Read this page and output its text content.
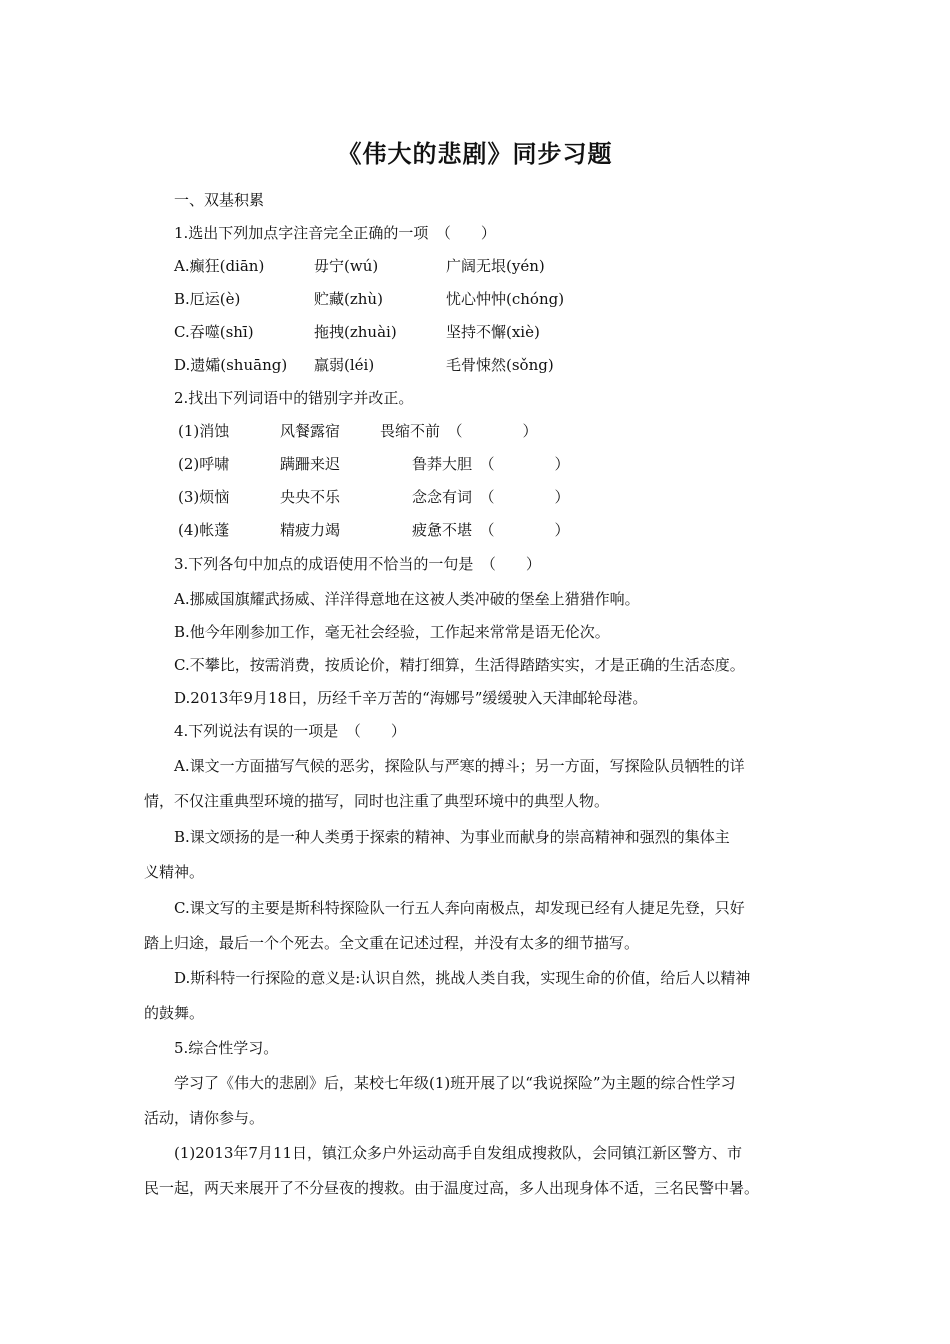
《伟大的悲剧》同步习题
一、双基积累
1.选出下列加点字注音完全正确的一项　（　　）
A.癫狂(diān)	毋宁(wú)	广阔无垠(yén)
B.厄运(è)	贮藏(zhù)	忧心忡忡(chóng)
C.吞噬(shī)	拖拽(zhuài)	坚持不懈(xiè)
D.遗孀(shuāng) 羸弱(léi)	毛骨悚然(sǒng)
2.找出下列词语中的错别字并改正。
(1)消蚀	风餐露宿	畏缩不前　（　　　　）
(2)呼啸	蹒跚来迟	鲁莽大胆　（　　　　）
(3)烦恼	央央不乐	念念有词　（　　　　）
(4)帐蓬	精疲力竭	疲惫不堪　（　　　　）
3.下列各句中加点的成语使用不恰当的一句是　（　　）
A.挪威国旗耀武扬威、洋洋得意地在这被人类冲破的堡垒上猎猎作响。
B.他今年刚参加工作，毫无社会经验，工作起来常常是语无伦次。
C.不攀比，按需消费，按质论价，精打细算，生活得踏踏实实，才是正确的生活态度。
D.2013年9月18日，历经千辛万苦的“海娜号”缓缓驶入天津邮轮母港。
4.下列说法有误的一项是　（　　）
A.课文一方面描写气候的恶劣，探险队与严寒的搏斗；另一方面，写探险队员牺牲的详
情，不仅注重典型环境的描写，同时也注重了典型环境中的典型人物。
B.课文颂扬的是一种人类勇于探索的精神、为事业而献身的崇高精神和强烈的集体主
义精神。
C.课文写的主要是斯科特探险队一行五人奔向南极点，却发现已经有人捷足先登，只好
踏上归途，最后一个个死去。全文重在记述过程，并没有太多的细节描写。
D.斯科特一行探险的意义是:认识自然，挑战人类自我，实现生命的价值，给后人以精神
的鼓舞。
5.综合性学习。
学习了《伟大的悲剧》后，某校七年级(1)班开展了以“我说探险”为主题的综合性学习
活动，请你参与。
(1)2013年7月11日，镇江众多户外运动高手自发组成搜救队，会同镇江新区警方、市
民一起，两天来展开了不分昼夜的搜救。由于温度过高，多人出现身体不适，三名民警中暑。
